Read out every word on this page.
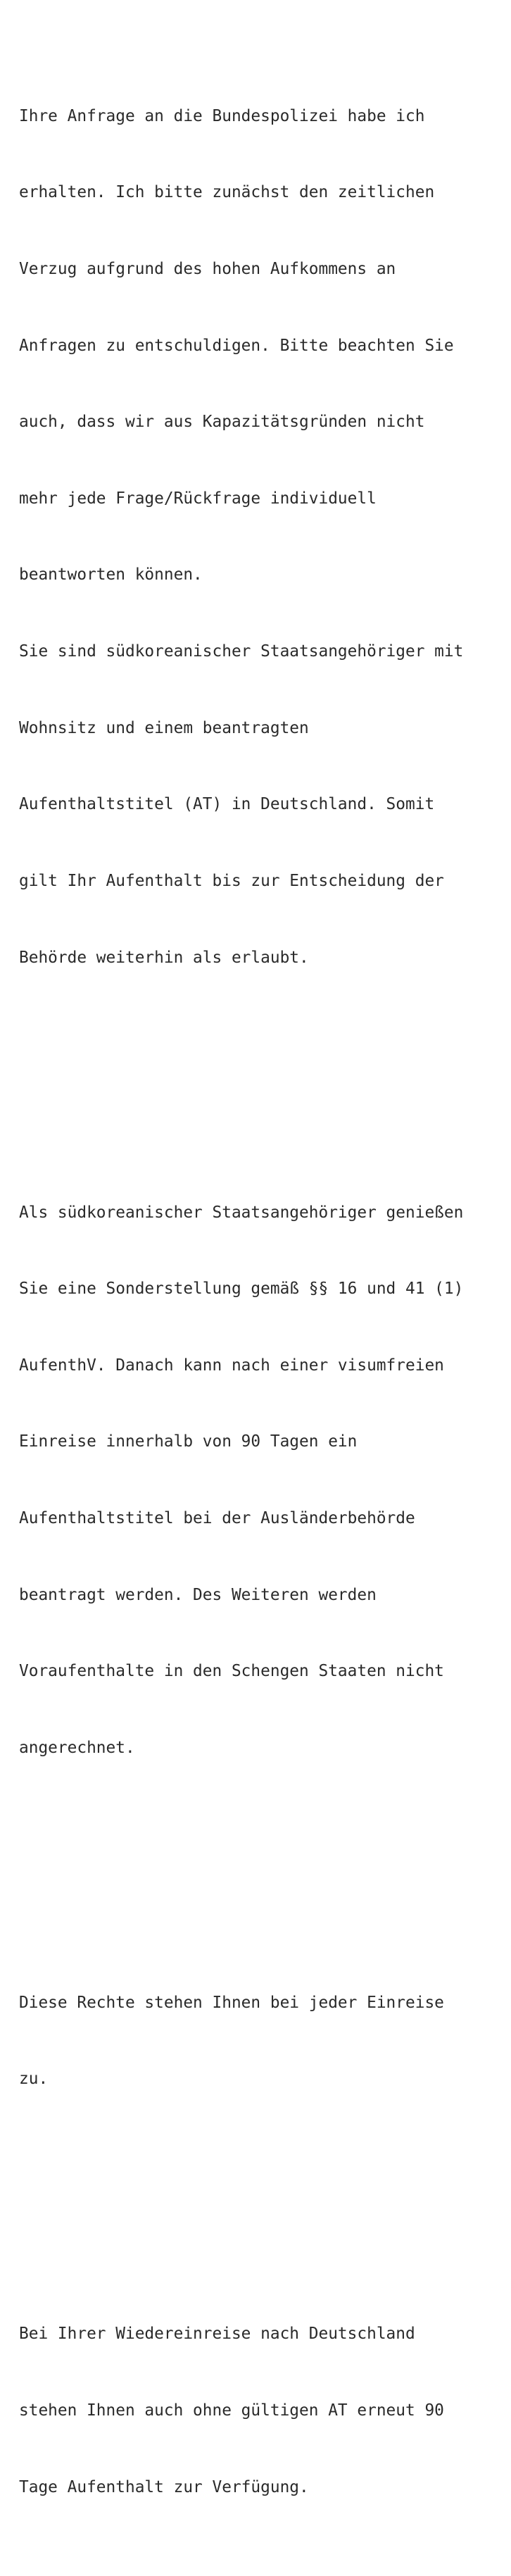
Ihre Anfrage an die Bundespolizei habe ich

erhalten. Ich bitte zunächst den zeitlichen

Verzug aufgrund des hohen Aufkommens an

Anfragen zu entschuldigen. Bitte beachten Sie

auch, dass wir aus Kapazitätsgründen nicht

mehr jede Frage/Rückfrage individuell

beantworten können.

Sie sind südkoreanischer Staatsangehöriger mit

Wohnsitz und einem beantragten

Aufenthaltstitel (AT) in Deutschland. Somit

gilt Ihr Aufenthalt bis zur Entscheidung der

Behörde weiterhin als erlaubt.

Als südkoreanischer Staatsangehöriger genießen

Sie eine Sonderstellung gemäß §§ 16 und 41 (1)

AufenthV. Danach kann nach einer visumfreien

Einreise innerhalb von 90 Tagen ein

Aufenthaltstitel bei der Ausländerbehörde

beantragt werden. Des Weiteren werden

Voraufenthalte in den Schengen Staaten nicht

angerechnet.

Diese Rechte stehen Ihnen bei jeder Einreise

zu.

Bei Ihrer Wiedereinreise nach Deutschland

stehen Ihnen auch ohne gültigen AT erneut 90

Tage Aufenthalt zur Verfügung.
